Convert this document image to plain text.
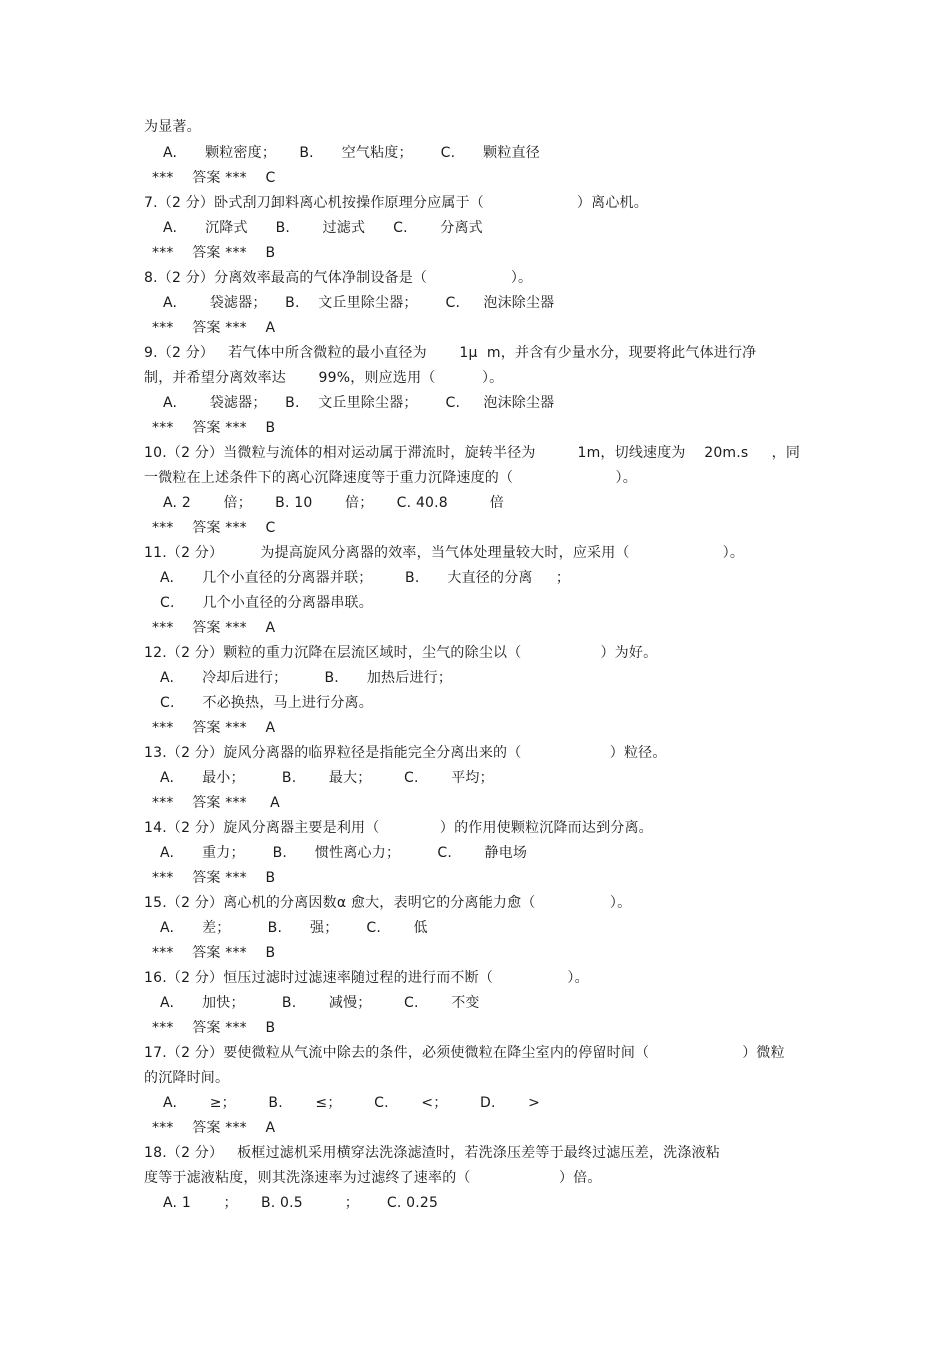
为显著。
A.      颗粒密度；     B.      空气粘度；      C.      颗粒直径
***    答案 ***    C
7.（2 分）卧式刮刀卸料离心机按操作原理分应属于（                    ）离心机。
A.      沉降式      B.       过滤式      C.       分离式
***    答案 ***    B
8.（2 分）分离效率最高的气体净制设备是（                  ）。
A.       袋滤器；    B.    文丘里除尘器；      C.     泡沫除尘器
***    答案 ***    A
9.（2 分）   若气体中所含微粒的最小直径为       1μ  m，并含有少量水分，现要将此气体进行净
制，并希望分离效率达       99%，则应选用（          ）。
A.       袋滤器；    B.    文丘里除尘器；      C.     泡沫除尘器
***    答案 ***    B
10.（2 分）当微粒与流体的相对运动属于滞流时，旋转半径为         1m，切线速度为    20m.s     ，同
一微粒在上述条件下的离心沉降速度等于重力沉降速度的（                      ）。
A. 2       倍；     B. 10       倍；     C. 40.8         倍
***    答案 ***    C
11.（2 分）        为提高旋风分离器的效率，当气体处理量较大时，应采用（                    ）。
A.      几个小直径的分离器并联；       B.      大直径的分离     ；
C.      几个小直径的分离器串联。
***    答案 ***    A
12.（2 分）颗粒的重力沉降在层流区域时，尘气的除尘以（                 ）为好。
A.      冷却后进行；        B.      加热后进行；
C.      不必换热，马上进行分离。
***    答案 ***    A
13.（2 分）旋风分离器的临界粒径是指能完全分离出来的（                   ）粒径。
A.      最小；        B.       最大；       C.       平均；
***    答案 ***     A
14.（2 分）旋风分离器主要是利用（             ）的作用使颗粒沉降而达到分离。
A.      重力；      B.      惯性离心力；        C.       静电场
***    答案 ***    B
15.（2 分）离心机的分离因数α 愈大，表明它的分离能力愈（                ）。
A.      差；        B.      强；      C.       低
***    答案 ***    B
16.（2 分）恒压过滤时过滤速率随过程的进行而不断（                ）。
A.      加快；        B.       减慢；       C.       不变
***    答案 ***    B
17.（2 分）要使微粒从气流中除去的条件，必须使微粒在降尘室内的停留时间（                    ）微粒
的沉降时间。
A.       ≥；       B.       ≤；       C.       <；       D.       >
***    答案 ***    A
18.（2 分）   板框过滤机采用横穿法洗涤滤渣时，若洗涤压差等于最终过滤压差，洗涤液粘
度等于滤液粘度，则其洗涤速率为过滤终了速率的（                   ）倍。
A. 1       ；     B. 0.5         ；      C. 0.25
